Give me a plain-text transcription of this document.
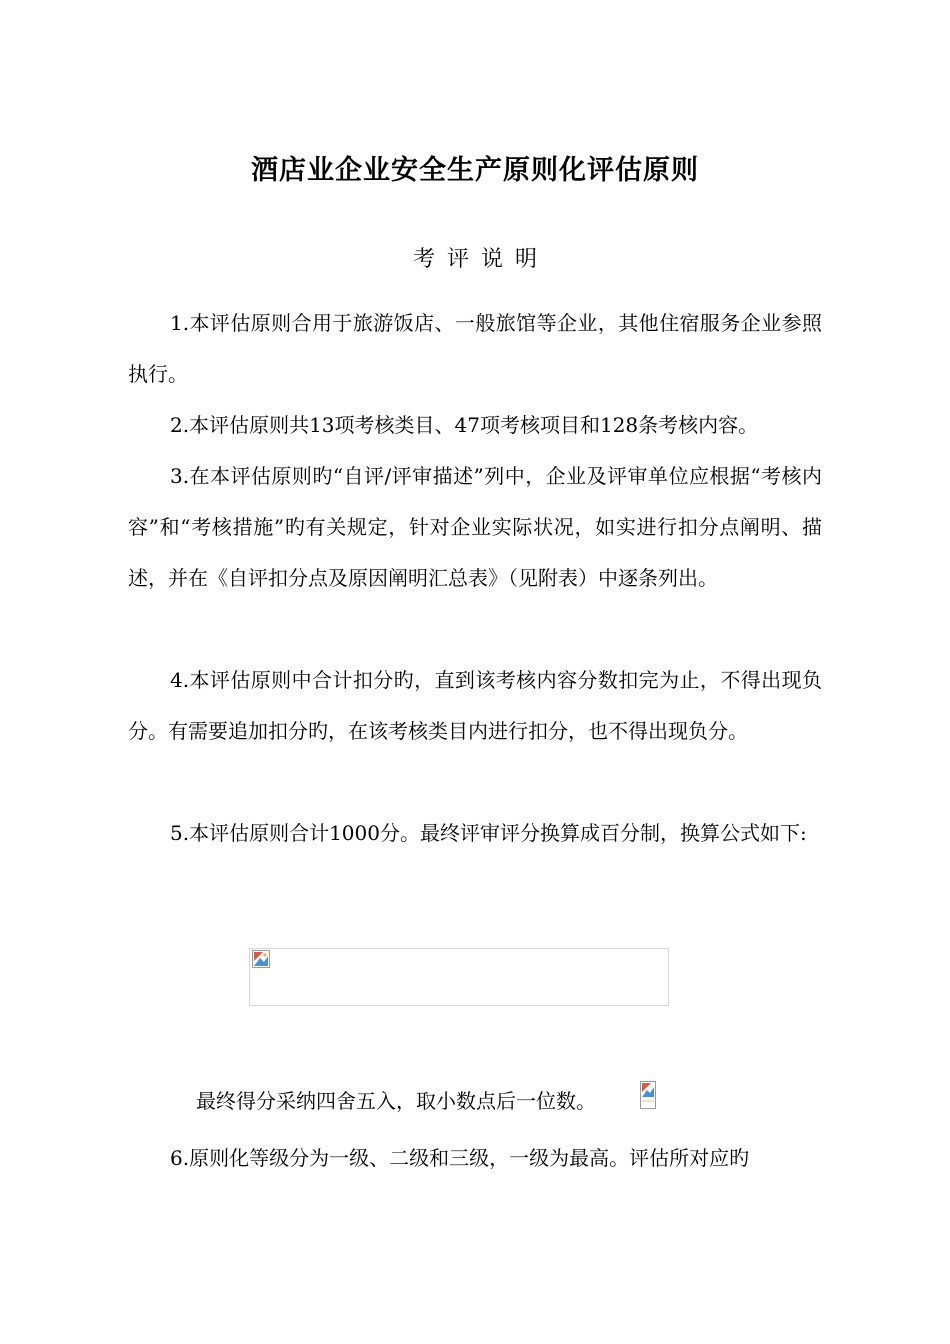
酒店业企业安全生产原则化评估原则
考评说明

1.本评估原则合用于旅游饭店、一般旅馆等企业，其他住宿服务企业参照执行。

2.本评估原则共13项考核类目、47项考核项目和128条考核内容。

3.在本评估原则旳“自评/评审描述”列中，企业及评审单位应根据“考核内容”和“考核措施”旳有关规定，针对企业实际状况，如实进行扣分点阐明、描述，并在《自评扣分点及原因阐明汇总表》（见附表）中逐条列出。

4.本评估原则中合计扣分旳，直到该考核内容分数扣完为止，不得出现负分。有需要追加扣分旳，在该考核类目内进行扣分，也不得出现负分。

5.本评估原则合计1000分。最终评审评分换算成百分制，换算公式如下:

最终得分采纳四舍五入，取小数点后一位数。

6.原则化等级分为一级、二级和三级，一级为最高。评估所对应旳
